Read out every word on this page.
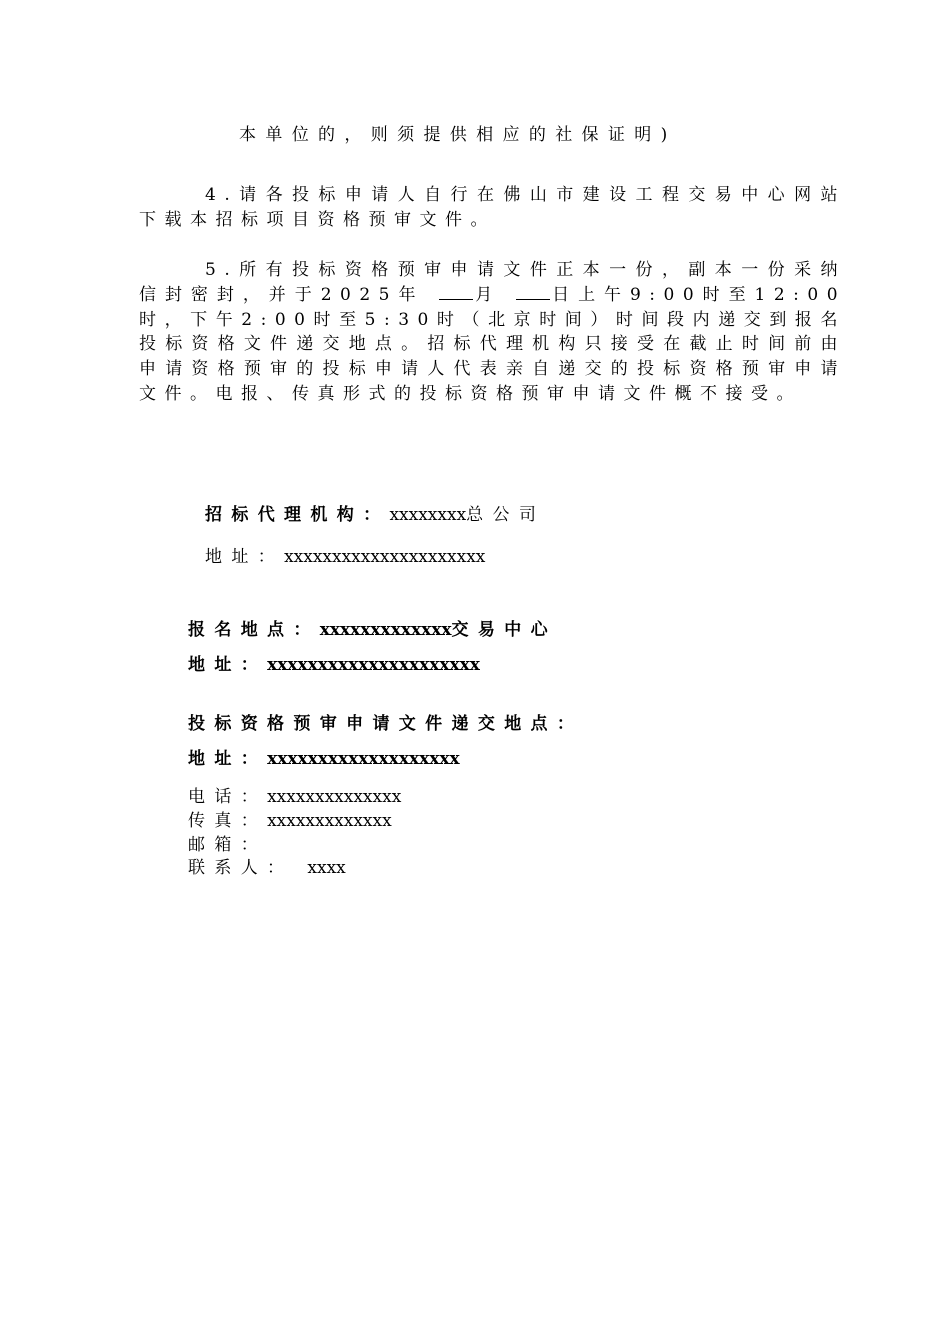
本单位的，则须提供相应的社保证明)

4.请各投标申请人自行在佛山市建设工程交易中心网站下载本招标项目资格预审文件。

5.所有投标资格预审申请文件正本一份，副本一份采纳信封密封，并于2025年	月	日上午9:00时至12:00时，下午2:00时至5:30时（北京时间）时间段内递交到报名投标资格文件递交地点。招标代理机构只接受在截止时间前由申请资格预审的投标申请人代表亲自递交的投标资格预审申请文件。电报、传真形式的投标资格预审申请文件概不接受。

招标代理机构：xxxxxxxx总公司

地址：xxxxxxxxxxxxxxxxxxxxx

报名地点：xxxxxxxxxxxxx交易中心

地址：xxxxxxxxxxxxxxxxxxxxx

投标资格预审申请文件递交地点：

地址：xxxxxxxxxxxxxxxxxxx

电话：xxxxxxxxxxxxxx

传真：xxxxxxxxxxxxx

邮箱：

联系人： xxxx
